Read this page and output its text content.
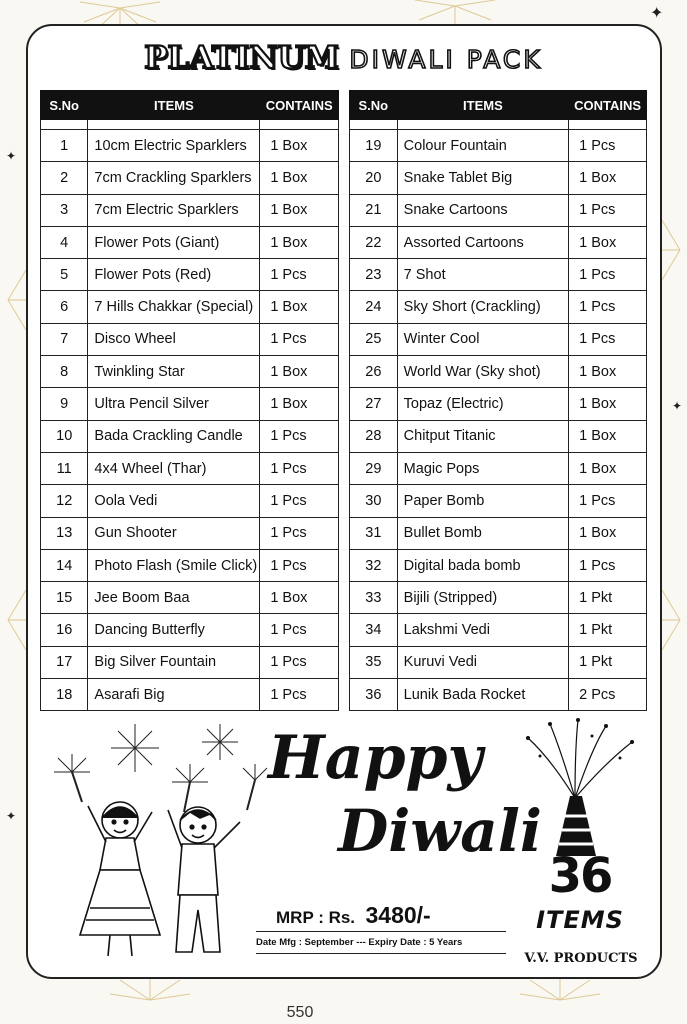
✦
✦
✦
✦
PLATINUM DIWALI PACK
S.No	ITEMS	CONTAINS

1	10cm Electric Sparklers	1 Box
2	7cm Crackling Sparklers	1 Box
3	7cm Electric Sparklers	1 Box
4	Flower Pots (Giant)	1 Box
5	Flower Pots (Red)	1 Pcs
6	7 Hills Chakkar (Special)	1 Box
7	Disco Wheel	1 Pcs
8	Twinkling Star	1 Box
9	Ultra Pencil Silver	1 Box
10	Bada Crackling Candle	1 Pcs
11	4x4 Wheel (Thar)	1 Pcs
12	Oola Vedi	1 Pcs
13	Gun Shooter	1 Pcs
14	Photo Flash (Smile Click)	1 Pcs
15	Jee Boom Baa	1 Box
16	Dancing Butterfly	1 Pcs
17	Big Silver Fountain	1 Pcs
18	Asarafi Big	1 Pcs
S.No	ITEMS	CONTAINS

19	Colour Fountain	1 Pcs
20	Snake Tablet Big	1 Box
21	Snake Cartoons	1 Pcs
22	Assorted Cartoons	1 Box
23	7 Shot	1 Pcs
24	Sky Short (Crackling)	1 Pcs
25	Winter Cool	1 Pcs
26	World War (Sky shot)	1 Box
27	Topaz (Electric)	1 Box
28	Chitput Titanic	1 Box
29	Magic Pops	1 Box
30	Paper Bomb	1 Pcs
31	Bullet Bomb	1 Box
32	Digital bada bomb	1 Pcs
33	Bijili (Stripped)	1 Pkt
34	Lakshmi Vedi	1 Pkt
35	Kuruvi Vedi	1 Pkt
36	Lunik Bada Rocket	2 Pcs
Happy
Diwali
MRP : Rs. 3480/-
Date Mfg : September --- Expiry Date : 5 Years
36
ITEMS
V.V. PRODUCTS
550
